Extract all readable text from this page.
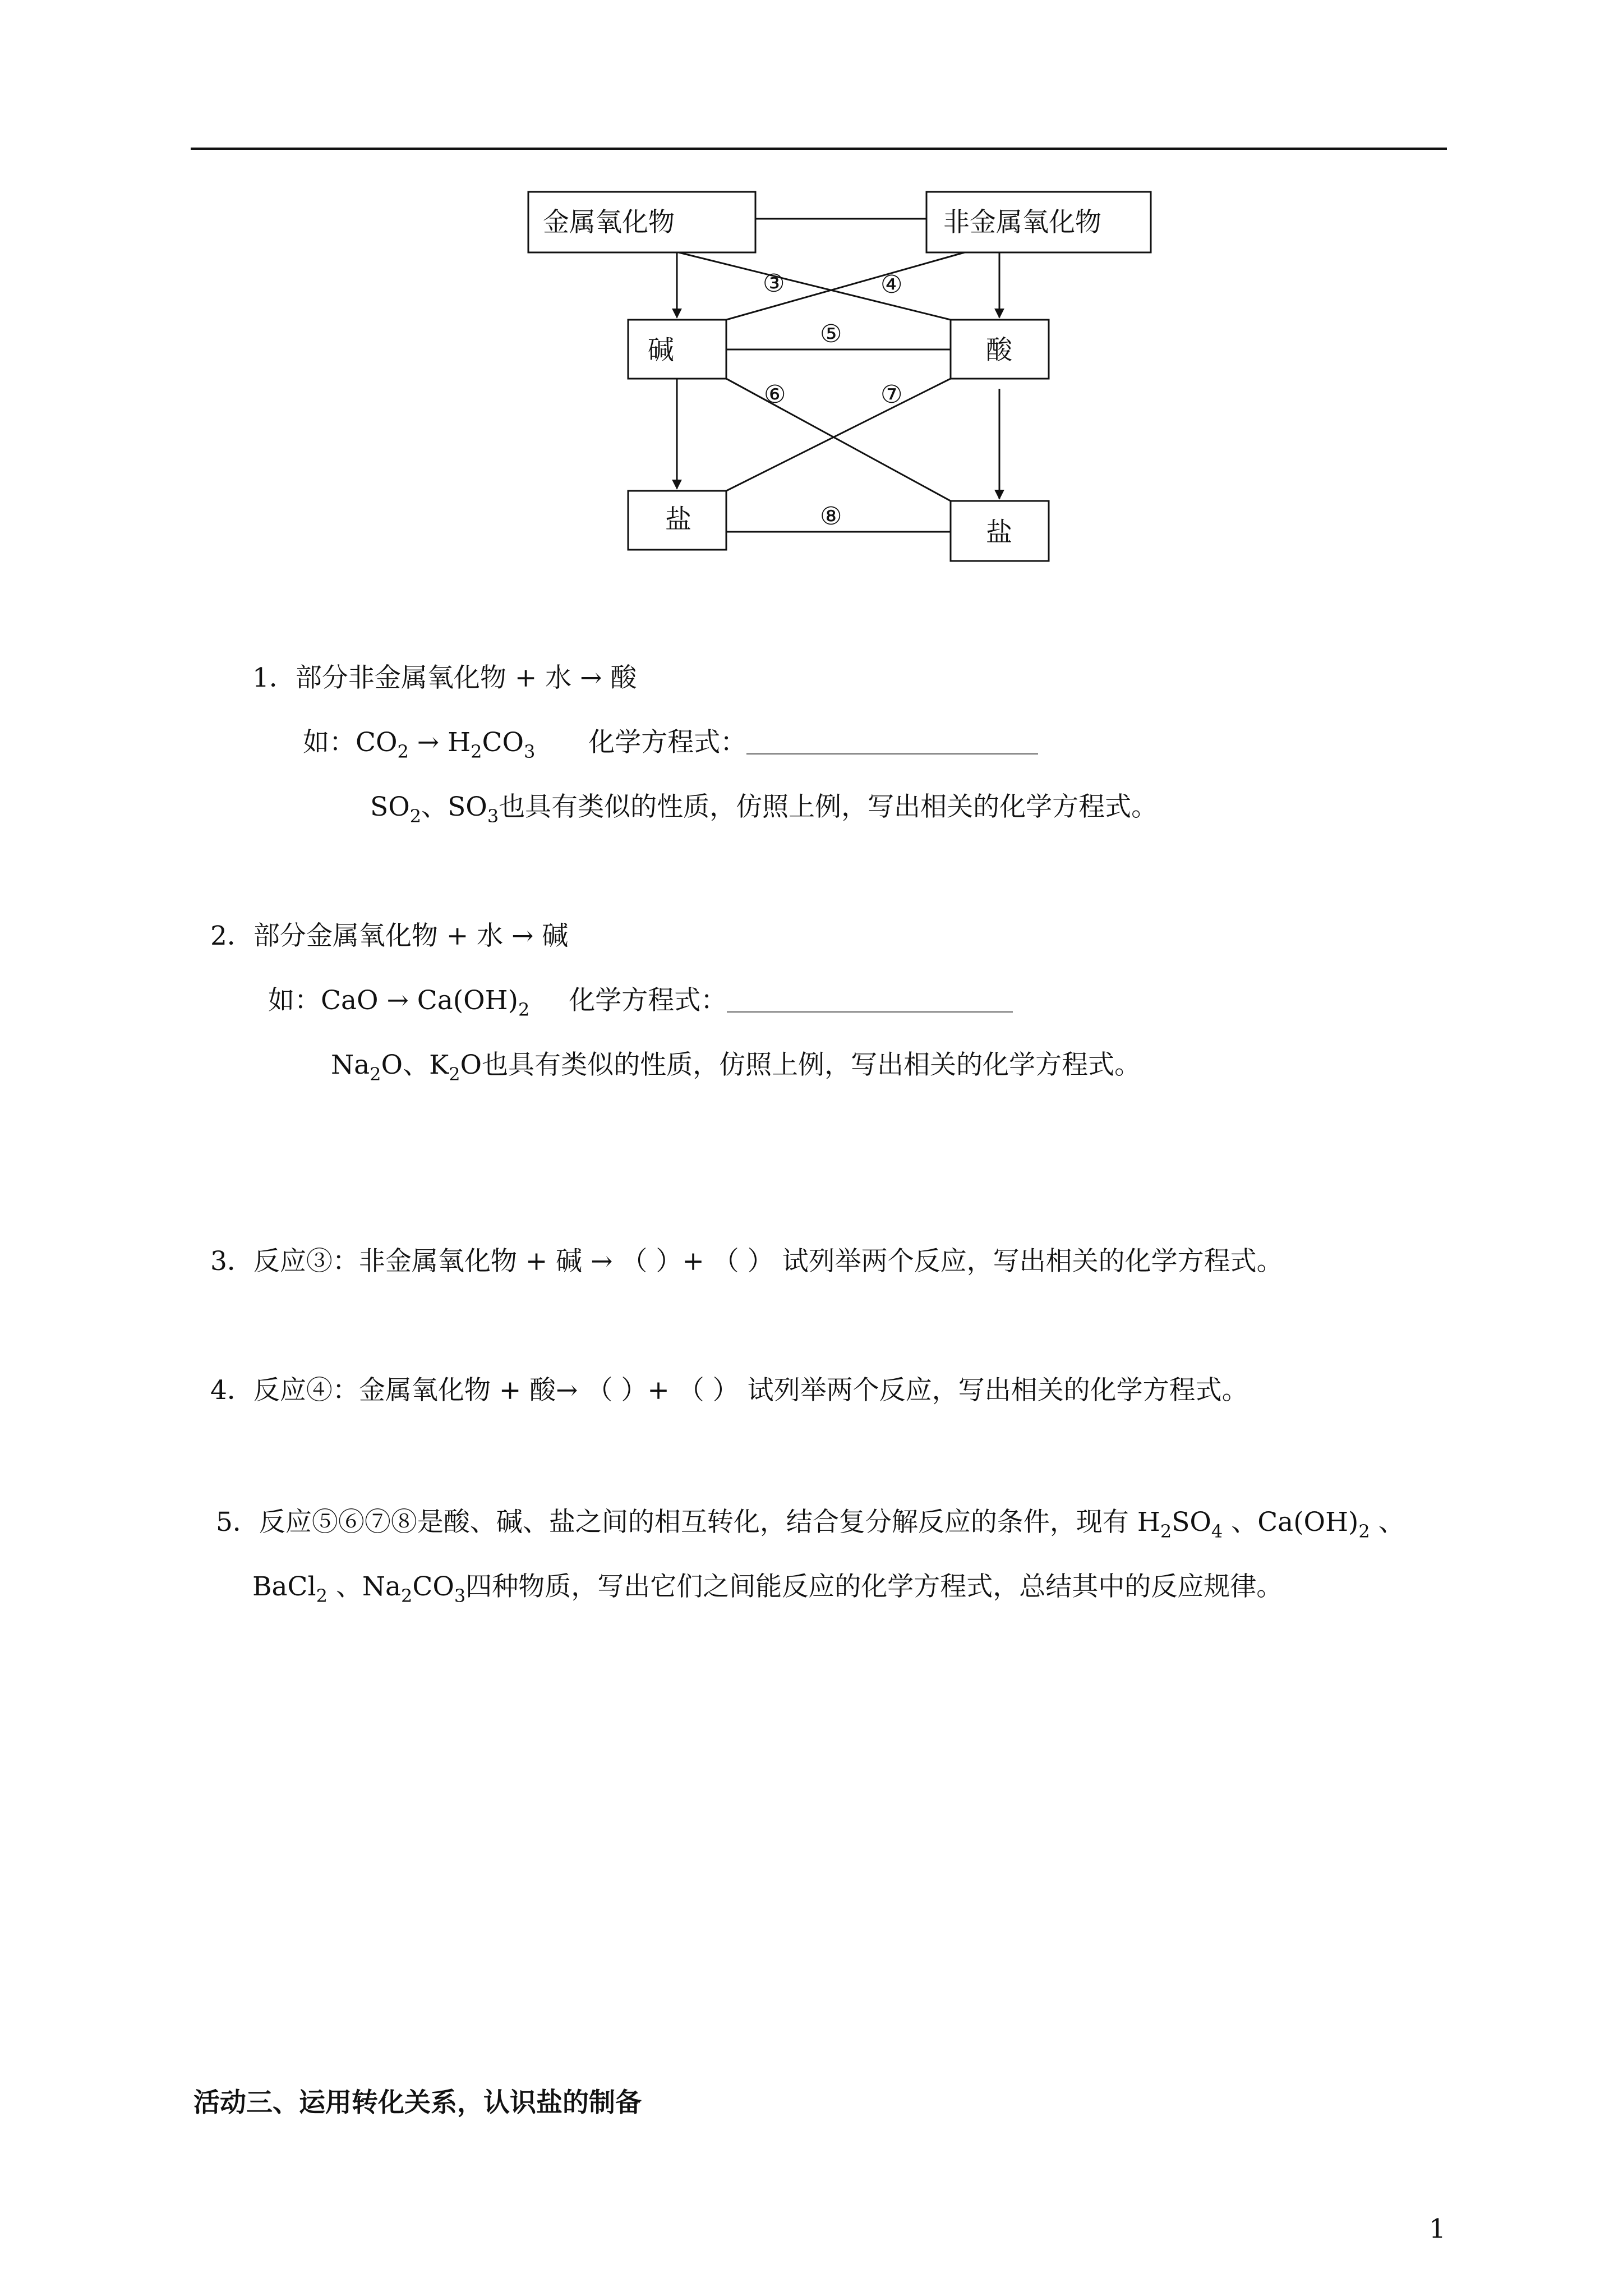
金属氧化物	非金属氧化物
碱	酸
盐	盐
③	④
⑤
⑥	⑦
⑧
1．部分非金属氧化物 + 水 → 酸
如：$CO_2 \to H_2CO_3$ 化学方程式：
$SO_2$、$SO_3$也具有类似的性质，仿照上例，写出相关的化学方程式。
2．部分金属氧化物 + 水 → 碱
如：CaO → $Ca(OH)_2$ 化学方程式：
$Na_2O$、$K_2O$也具有类似的性质，仿照上例，写出相关的化学方程式。
3．反应③：非金属氧化物 + 碱 → （ ）+ （ ） 试列举两个反应，写出相关的化学方程式。
4．反应④：金属氧化物 + 酸→ （ ）+ （ ） 试列举两个反应，写出相关的化学方程式。
5．反应⑤⑥⑦⑧是酸、碱、盐之间的相互转化，结合复分解反应的条件，现有 $H_2SO_4$ 、$Ca(OH)_2$ 、
BaCl$_2$ 、$Na_2CO_3$四种物质，写出它们之间能反应的化学方程式，总结其中的反应规律。
活动三、运用转化关系，认识盐的制备
1
